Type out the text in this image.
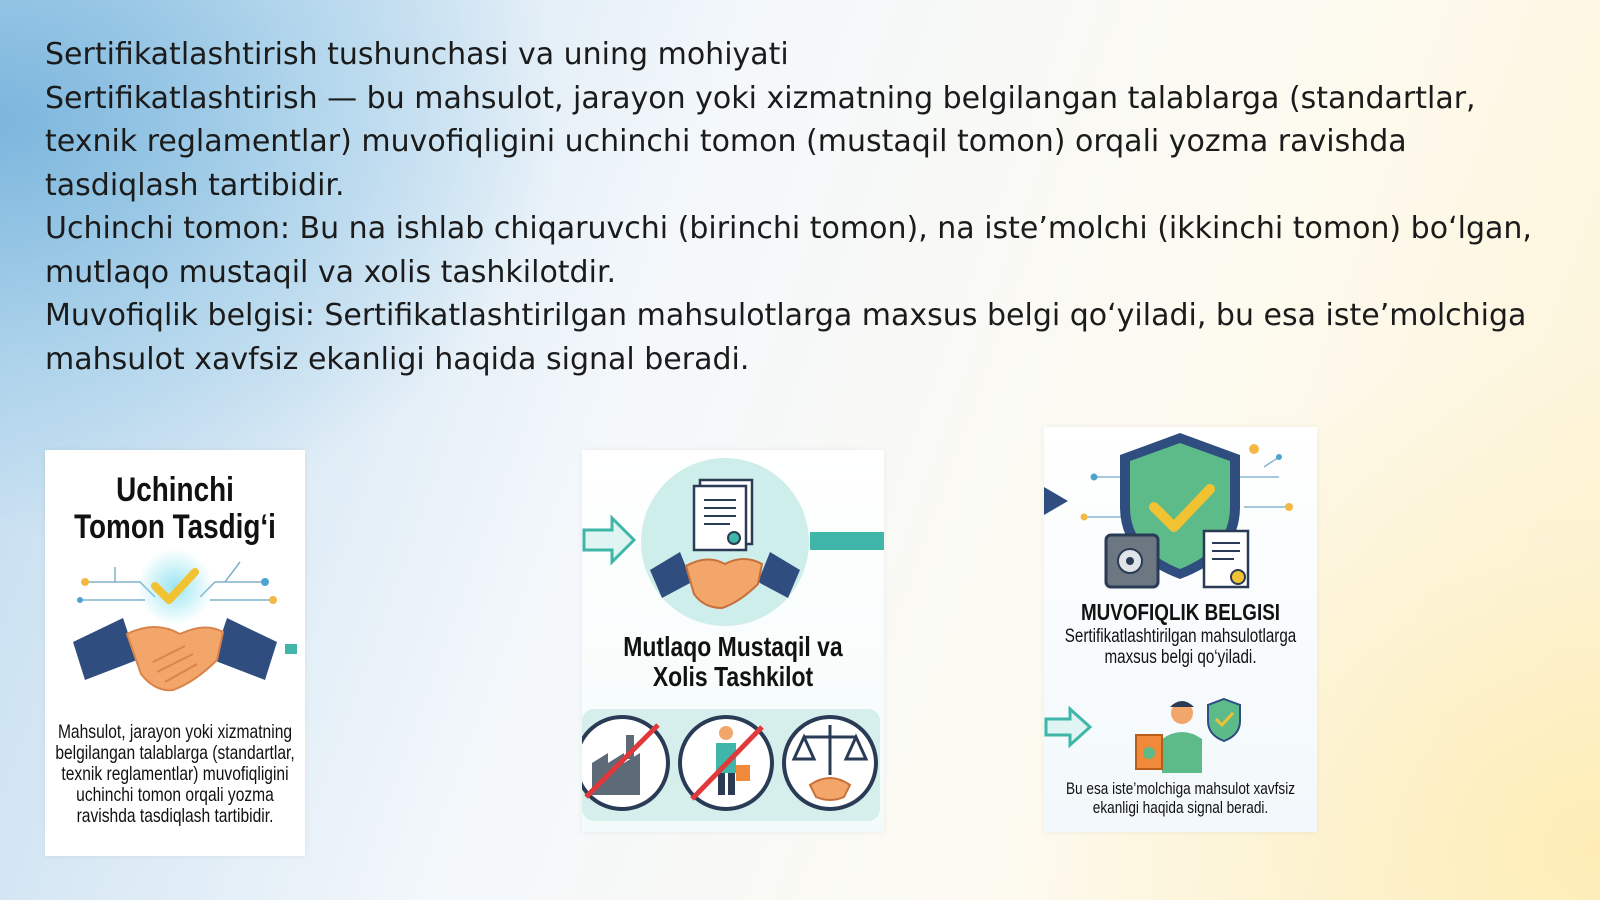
Sertifikatlashtirish tushunchasi va uning mohiyati

Sertifikatlashtirish — bu mahsulot, jarayon yoki xizmatning belgilangan talablarga (standartlar, texnik reglamentlar) muvofiqligini uchinchi tomon (mustaqil tomon) orqali yozma ravishda tasdiqlash tartibidir.

Uchinchi tomon: Bu na ishlab chiqaruvchi (birinchi tomon), na iste’molchi (ikkinchi tomon) bo‘lgan, mutlaqo mustaqil va xolis tashkilotdir.

Muvofiqlik belgisi: Sertifikatlashtirilgan mahsulotlarga maxsus belgi qo‘yiladi, bu esa iste’molchiga mahsulot xavfsiz ekanligi haqida signal beradi.

Uchinchi Tomon Tasdig‘i
Mahsulot, jarayon yoki xizmatning belgilangan talablarga (standartlar, texnik reglamentlar) muvofiqligini uchinchi tomon orqali yozma ravishda tasdiqlash tartibidir.
Mutlaqo Mustaqil va Xolis Tashkilot
MUVOFIQLIK BELGISI
Sertifikatlashtirilgan mahsulotlarga maxsus belgi qo‘yiladi.
Bu esa iste’molchiga mahsulot xavfsiz ekanligi haqida signal beradi.
